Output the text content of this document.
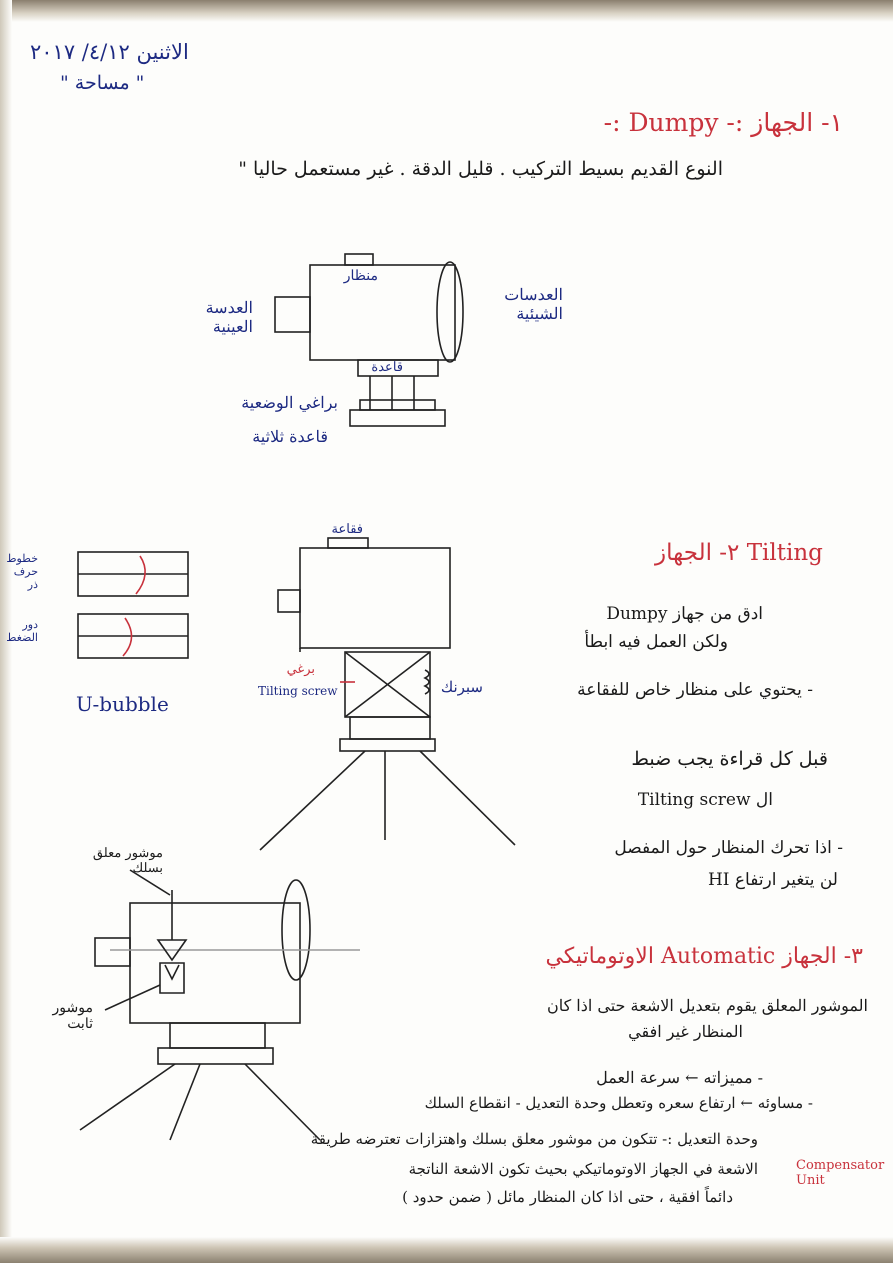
الاثنين ٤/١٢/ ٢٠١٧
" مساحة "
١- الجهاز :- Dumpy :-
النوع القديم بسيط التركيب . قليل الدقة . غير مستعمل حاليا "
منظار
العدسة العينية
العدسات الشيئية
قاعدة
براغي الوضعية
قاعدة ثلاثية
٢- الجهاز Tilting
فقاعة
برغي
Tilting screw	سبرنك
خطوط حرف ذر
دور الضغط
U-bubble
ادق من جهاز Dumpy
ولكن العمل فيه ابطأ
- يحتوي على منظار خاص للفقاعة
قبل كل قراءة يجب ضبط
ال Tilting screw
- اذا تحرك المنظار حول المفصل
لن يتغير ارتفاع HI
٣- الجهاز Automatic الاوتوماتيكي
موشور معلق بسلك
موشور ثابت
الموشور المعلق يقوم بتعديل الاشعة حتى اذا كان
المنظار غير افقي
- مميزاته ← سرعة العمل
- مساوئه ← ارتفاع سعره وتعطل وحدة التعديل - انقطاع السلك
وحدة التعديل :- تتكون من موشور معلق بسلك واهتزازات تعترضه طريقة
الاشعة في الجهاز الاوتوماتيكي بحيث تكون الاشعة الناتجة
دائماً افقية ، حتى اذا كان المنظار مائل ( ضمن حدود )
Compensator Unit
